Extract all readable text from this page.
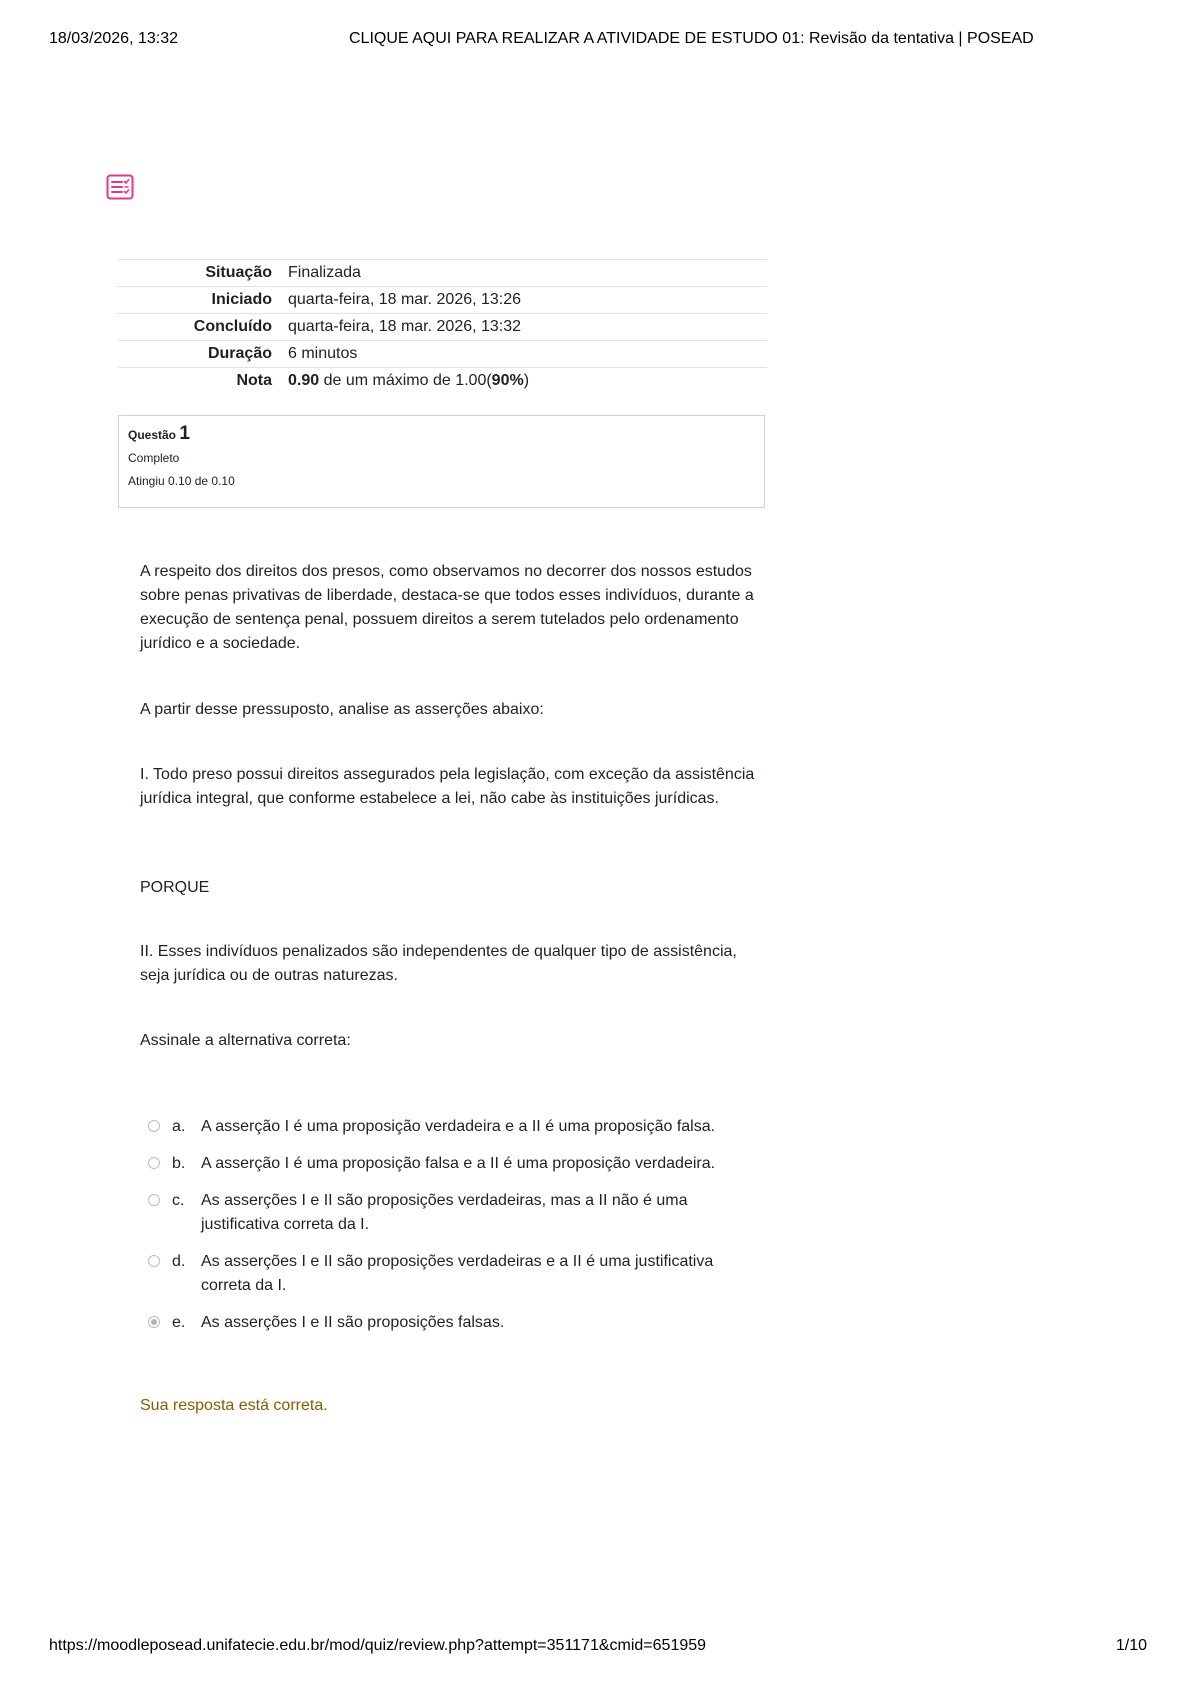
18/03/2026, 13:32	CLIQUE AQUI PARA REALIZAR A ATIVIDADE DE ESTUDO 01: Revisão da tentativa | POSEAD
Situação	Finalizada
Iniciado	quarta-feira, 18 mar. 2026, 13:26
Concluído	quarta-feira, 18 mar. 2026, 13:32
Duração	6 minutos
Nota	0.90 de um máximo de 1.00(90%)
Questão 1
Completo
Atingiu 0.10 de 0.10

A respeito dos direitos dos presos, como observamos no decorrer dos nossos estudos sobre penas privativas de liberdade, destaca-se que todos esses indivíduos, durante a execução de sentença penal, possuem direitos a serem tutelados pelo ordenamento jurídico e a sociedade.

A partir desse pressuposto, analise as asserções abaixo:

I. Todo preso possui direitos assegurados pela legislação, com exceção da assistência jurídica integral, que conforme estabelece a lei, não cabe às instituições jurídicas.

PORQUE

II. Esses indivíduos penalizados são independentes de qualquer tipo de assistência, seja jurídica ou de outras naturezas.

Assinale a alternativa correta:

a. A asserção I é uma proposição verdadeira e a II é uma proposição falsa.
b. A asserção I é uma proposição falsa e a II é uma proposição verdadeira.
c. As asserções I e II são proposições verdadeiras, mas a II não é uma justificativa correta da I.
d. As asserções I e II são proposições verdadeiras e a II é uma justificativa correta da I.
e. As asserções I e II são proposições falsas.
Sua resposta está correta.
https://moodleposead.unifatecie.edu.br/mod/quiz/review.php?attempt=351171&cmid=651959	1/10
